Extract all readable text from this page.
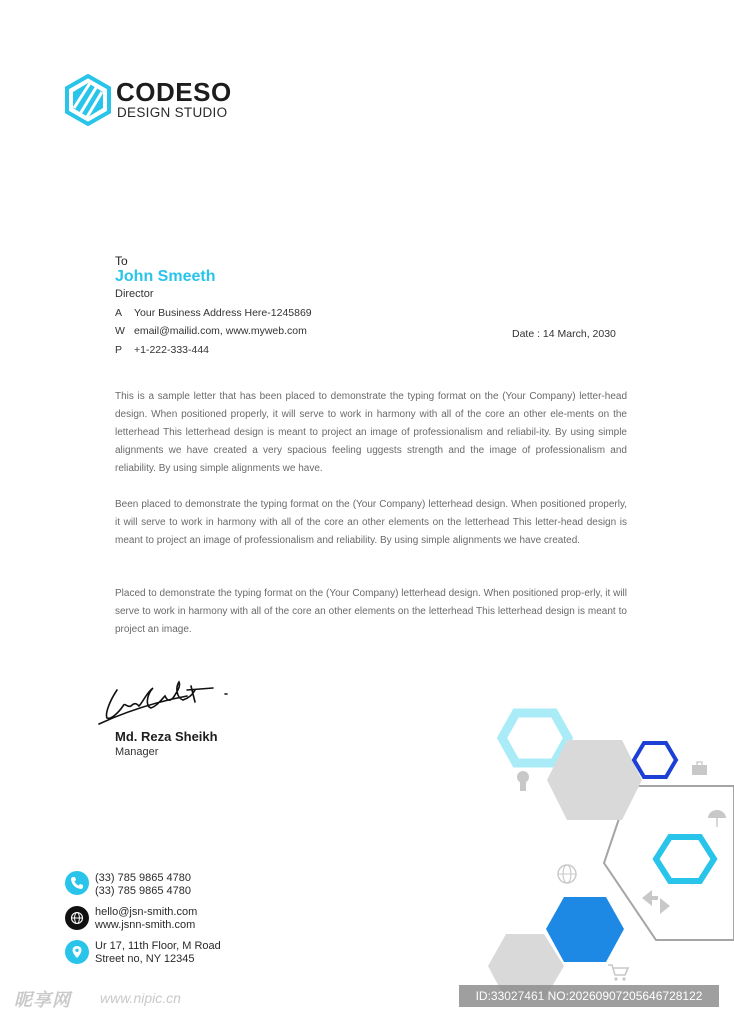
CODESO
DESIGN STUDIO
To
John Smeeth
Director
A Your Business Address Here-1245869
W email@mailid.com, www.myweb.com
P +1-222-333-444
Date : 14 March, 2030

This is a sample letter that has been placed to demonstrate the typing format on the (Your Company) letter-head design. When positioned properly, it will serve to work in harmony with all of the core an other ele-ments on the letterhead This letterhead design is meant to project an image of professionalism and reliabil-ity. By using simple alignments we have created a very spacious feeling uggests strength and the image of professionalism and reliability. By using simple alignments we have.

Been placed to demonstrate the typing format on the (Your Company) letterhead design. When positioned properly, it will serve to work in harmony with all of the core an other elements on the letterhead This letter-head design is meant to project an image of professionalism and reliability. By using simple alignments we have created.

Placed to demonstrate the typing format on the (Your Company) letterhead design. When positioned prop-erly, it will serve to work in harmony with all of the core an other elements on the letterhead This letterhead design is meant to project an image.

Md. Reza Sheikh
Manager
(33) 785 9865 4780
(33) 785 9865 4780
hello@jsn-smith.com
www.jsnn-smith.com
Ur 17, 11th Floor, M Road
Street no, NY 12345
昵享网 www.nipic.cn	ID:33027461 NO:20260907205646728122
